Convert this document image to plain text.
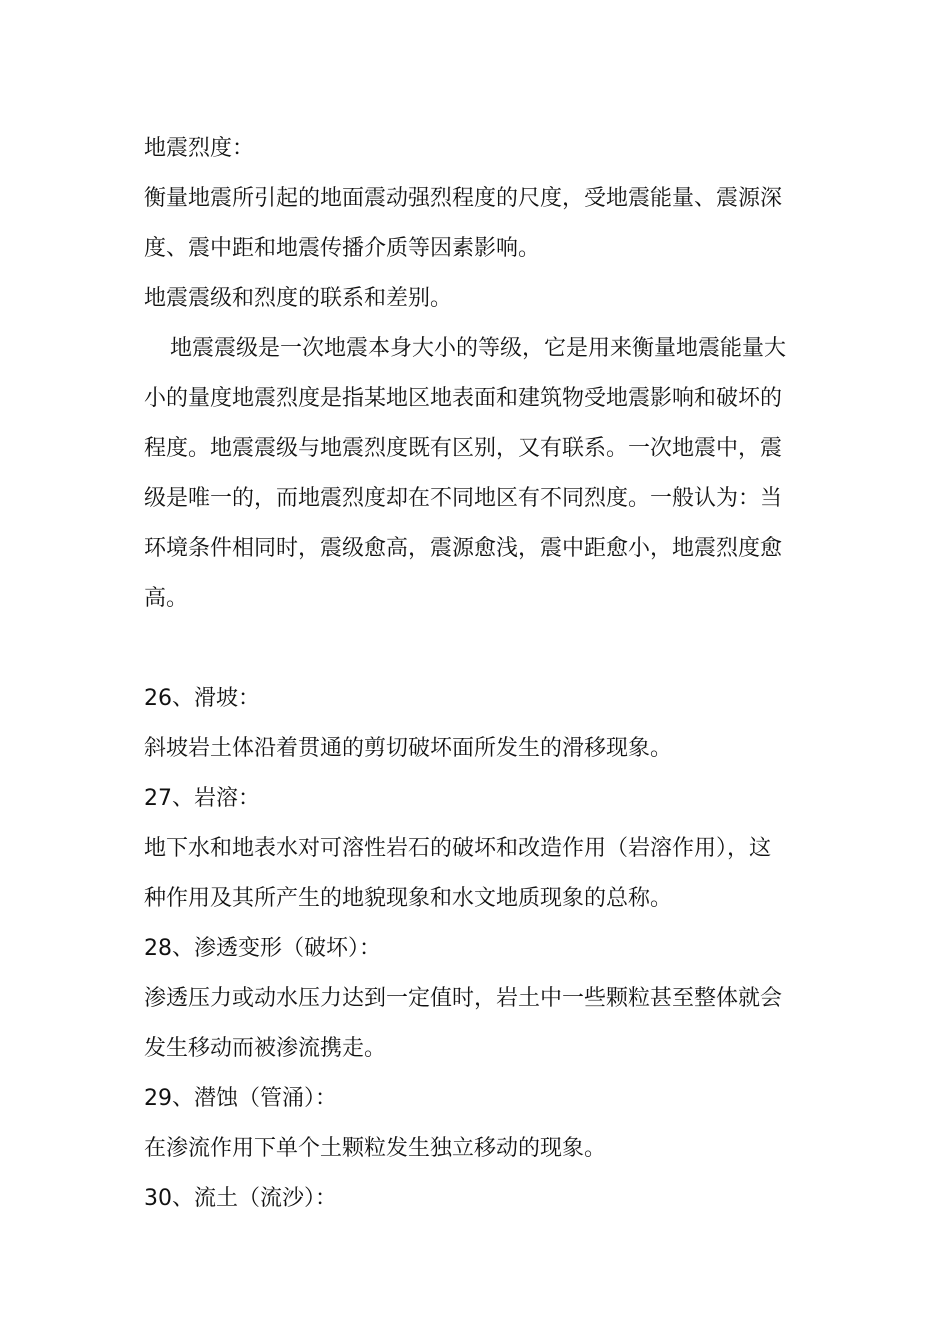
地震烈度：
衡量地震所引起的地面震动强烈程度的尺度，受地震能量、震源深
度、震中距和地震传播介质等因素影响。
地震震级和烈度的联系和差别。
地震震级是一次地震本身大小的等级，它是用来衡量地震能量大
小的量度地震烈度是指某地区地表面和建筑物受地震影响和破坏的
程度。地震震级与地震烈度既有区别，又有联系。一次地震中，震
级是唯一的，而地震烈度却在不同地区有不同烈度。一般认为：当
环境条件相同时，震级愈高，震源愈浅，震中距愈小，地震烈度愈
高。
26、滑坡：
斜坡岩土体沿着贯通的剪切破坏面所发生的滑移现象。
27、岩溶：
地下水和地表水对可溶性岩石的破坏和改造作用（岩溶作用），这
种作用及其所产生的地貌现象和水文地质现象的总称。
28、渗透变形（破坏）：
渗透压力或动水压力达到一定值时，岩土中一些颗粒甚至整体就会
发生移动而被渗流携走。
29、潜蚀（管涌）：
在渗流作用下单个土颗粒发生独立移动的现象。
30、流土（流沙）：
